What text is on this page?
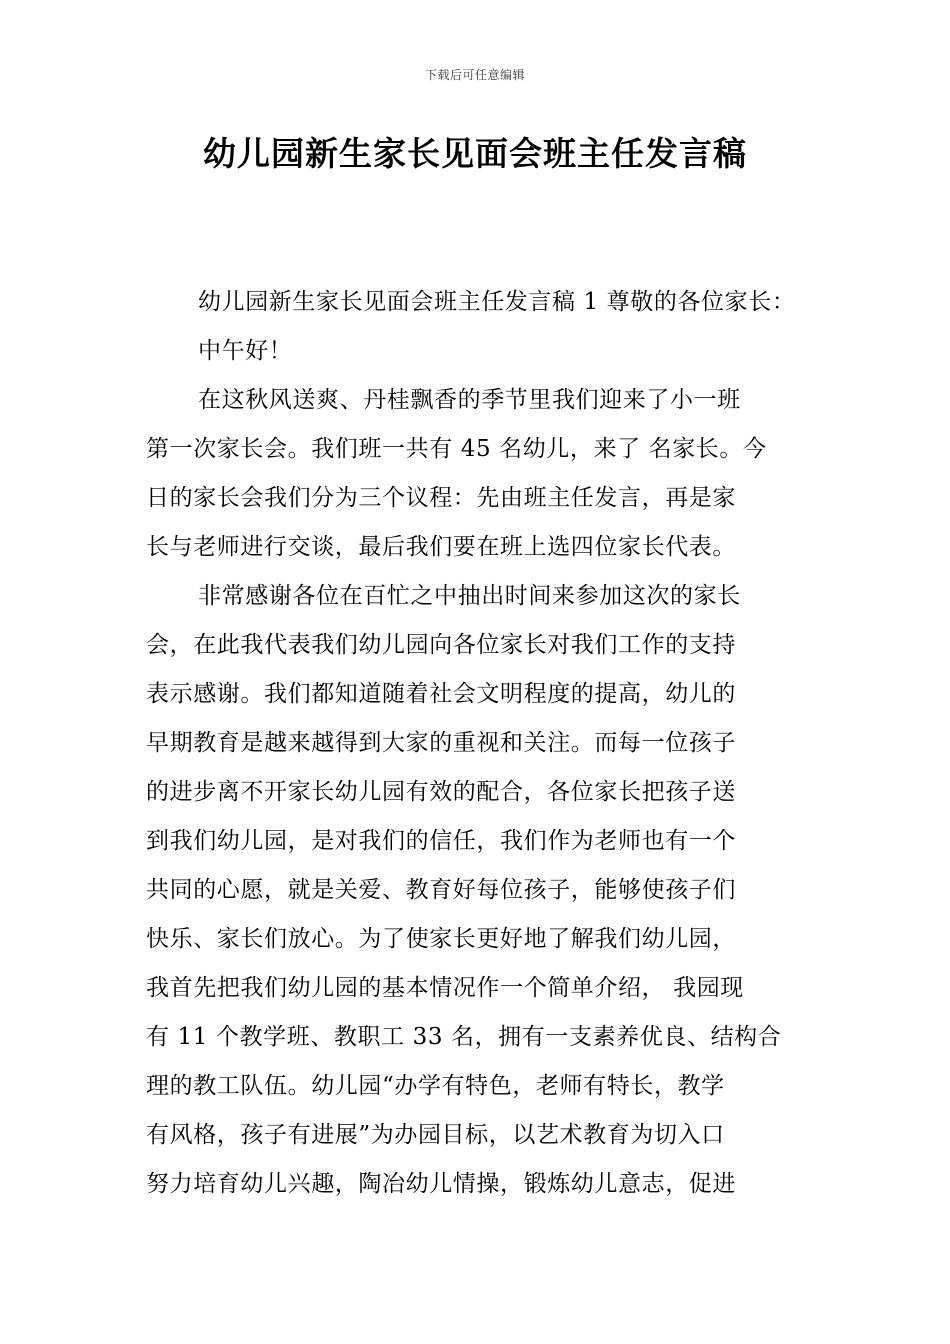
下载后可任意编辑
幼儿园新生家长见面会班主任发言稿
幼儿园新生家长见面会班主任发言稿 1 尊敬的各位家长：
中午好！
在这秋风送爽、丹桂飘香的季节里我们迎来了小一班
第一次家长会。我们班一共有 45 名幼儿，来了 名家长。今
日的家长会我们分为三个议程：先由班主任发言，再是家
长与老师进行交谈，最后我们要在班上选四位家长代表。
非常感谢各位在百忙之中抽出时间来参加这次的家长
会，在此我代表我们幼儿园向各位家长对我们工作的支持
表示感谢。我们都知道随着社会文明程度的提高，幼儿的
早期教育是越来越得到大家的重视和关注。而每一位孩子
的进步离不开家长幼儿园有效的配合，各位家长把孩子送
到我们幼儿园，是对我们的信任，我们作为老师也有一个
共同的心愿，就是关爱、教育好每位孩子，能够使孩子们
快乐、家长们放心。为了使家长更好地了解我们幼儿园，
我首先把我们幼儿园的基本情况作一个简单介绍， 我园现
有 11 个教学班、教职工 33 名，拥有一支素养优良、结构合
理的教工队伍。幼儿园“办学有特色，老师有特长，教学
有风格，孩子有进展”为办园目标，以艺术教育为切入口
努力培育幼儿兴趣，陶冶幼儿情操，锻炼幼儿意志，促进
